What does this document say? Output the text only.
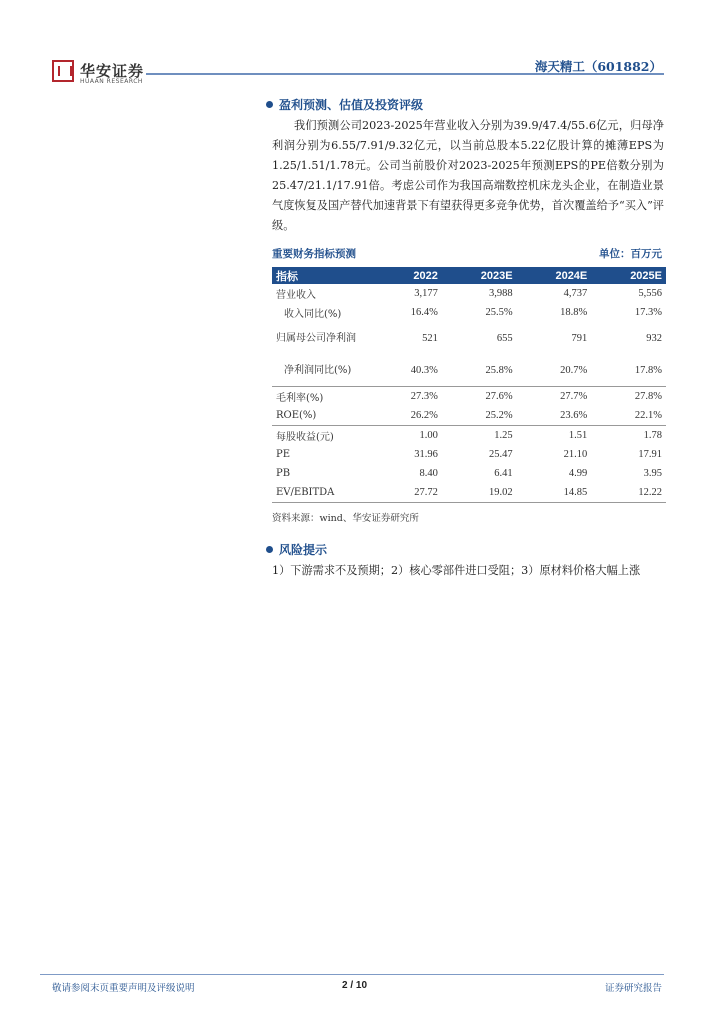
华安证券
HUAAN RESEARCH
海天精工（601882）
盈利预测、估值及投资评级
我们预测公司2023-2025年营业收入分别为39.9/47.4/55.6亿元，归母净利润分别为6.55/7.91/9.32亿元，以当前总股本5.22亿股计算的摊薄EPS为1.25/1.51/1.78元。公司当前股价对2023-2025年预测EPS的PE倍数分别为25.47/21.1/17.91倍。考虑公司作为我国高端数控机床龙头企业，在制造业景气度恢复及国产替代加速背景下有望获得更多竞争优势，首次覆盖给予“买入”评级。
重要财务指标预测	单位：百万元
指标	2022	2023E	2024E	2025E
营业收入	3,177	3,988	4,737	5,556
收入同比(%)	16.4%	25.5%	18.8%	17.3%
归属母公司净利润	521	655	791	932
净利润同比(%)	40.3%	25.8%	20.7%	17.8%
毛利率(%)	27.3%	27.6%	27.7%	27.8%
ROE(%)	26.2%	25.2%	23.6%	22.1%
每股收益(元)	1.00	1.25	1.51	1.78
PE	31.96	25.47	21.10	17.91
PB	8.40	6.41	4.99	3.95
EV/EBITDA	27.72	19.02	14.85	12.22
资料来源：wind、华安证券研究所
风险提示
1）下游需求不及预期；2）核心零部件进口受阻；3）原材料价格大幅上涨
敬请参阅末页重要声明及评级说明	2 / 10	证券研究报告
